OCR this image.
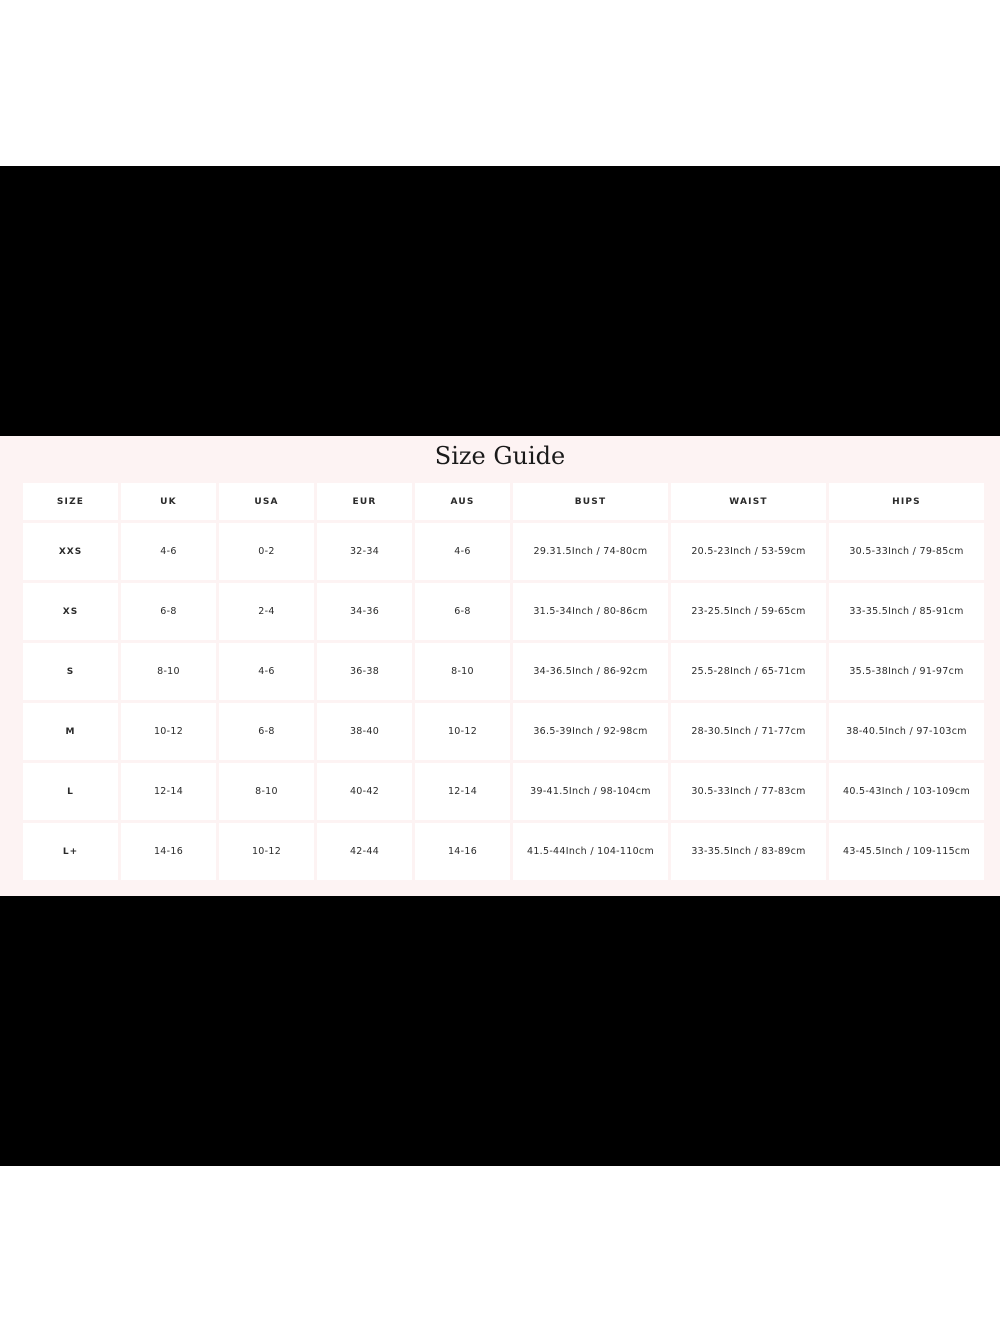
Size Guide
SIZE	UK	USA	EUR	AUS	BUST	WAIST	HIPS
XXS	4-6	0-2	32-34	4-6	29.31.5Inch / 74-80cm	20.5-23Inch / 53-59cm	30.5-33Inch / 79-85cm
XS	6-8	2-4	34-36	6-8	31.5-34Inch / 80-86cm	23-25.5Inch / 59-65cm	33-35.5Inch / 85-91cm
S	8-10	4-6	36-38	8-10	34-36.5Inch / 86-92cm	25.5-28Inch / 65-71cm	35.5-38Inch / 91-97cm
M	10-12	6-8	38-40	10-12	36.5-39Inch / 92-98cm	28-30.5Inch / 71-77cm	38-40.5Inch / 97-103cm
L	12-14	8-10	40-42	12-14	39-41.5Inch / 98-104cm	30.5-33Inch / 77-83cm	40.5-43Inch / 103-109cm
L+	14-16	10-12	42-44	14-16	41.5-44Inch / 104-110cm	33-35.5Inch / 83-89cm	43-45.5Inch / 109-115cm
